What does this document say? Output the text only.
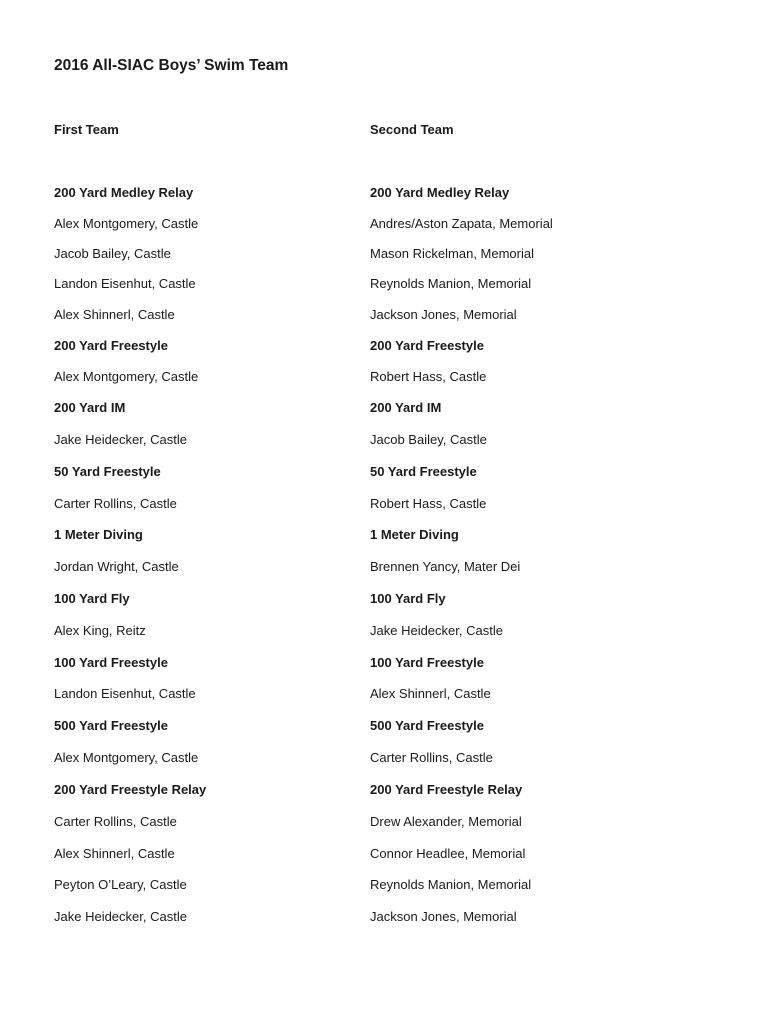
2016 All-SIAC Boys’ Swim Team
First Team	Second Team
200 Yard Medley Relay
Alex Montgomery, Castle
Jacob Bailey, Castle
Landon Eisenhut, Castle
Alex Shinnerl, Castle
200 Yard Freestyle
Alex Montgomery, Castle
200 Yard IM
Jake Heidecker, Castle
50 Yard Freestyle
Carter Rollins, Castle
1 Meter Diving
Jordan Wright, Castle
100 Yard Fly
Alex King, Reitz
100 Yard Freestyle
Landon Eisenhut, Castle
500 Yard Freestyle
Alex Montgomery, Castle
200 Yard Freestyle Relay
Carter Rollins, Castle
Alex Shinnerl, Castle
Peyton O’Leary, Castle
Jake Heidecker, Castle
200 Yard Medley Relay
Andres/Aston Zapata, Memorial
Mason Rickelman, Memorial
Reynolds Manion, Memorial
Jackson Jones, Memorial
200 Yard Freestyle
Robert Hass, Castle
200 Yard IM
Jacob Bailey, Castle
50 Yard Freestyle
Robert Hass, Castle
1 Meter Diving
Brennen Yancy, Mater Dei
100 Yard Fly
Jake Heidecker, Castle
100 Yard Freestyle
Alex Shinnerl, Castle
500 Yard Freestyle
Carter Rollins, Castle
200 Yard Freestyle Relay
Drew Alexander, Memorial
Connor Headlee, Memorial
Reynolds Manion, Memorial
Jackson Jones, Memorial
